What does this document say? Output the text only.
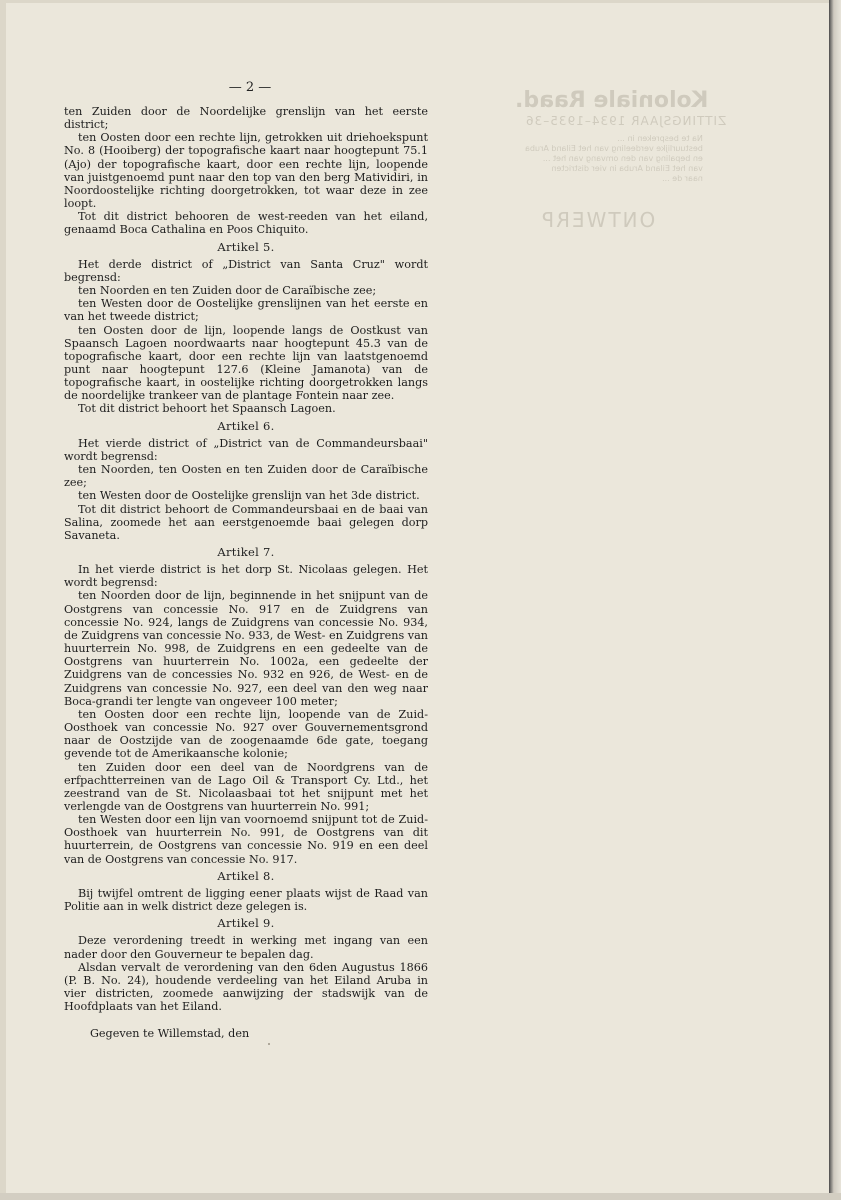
Koloniale Raad.
ZITTINGSJAAR 1934–1935–36
Na te bespreken in ...
bestuurlijke verdeeling van het Eiland Aruba
en bepaling van den omvang van het ...
van het Eiland Aruba in vier districten
naar de ...
ONTWERP
— 2 —

ten Zuiden door de Noordelijke grenslijn van het eerste district;

ten Oosten door een rechte lijn, getrokken uit driehoekspunt No. 8 (Hooiberg) der topografische kaart naar hoogtepunt 75.1 (Ajo) der topografische kaart, door een rechte lijn, loopende van juistgenoemd punt naar den top van den berg Matividiri, in Noordoostelijke richting doorgetrokken, tot waar deze in zee loopt.

Tot dit district behooren de west-reeden van het eiland, genaamd Boca Cathalina en Poos Chiquito.

Artikel 5.

Het derde district of „District van Santa Cruz" wordt begrensd:

ten Noorden en ten Zuiden door de Caraïbische zee;

ten Westen door de Oostelijke grenslijnen van het eerste en van het tweede district;

ten Oosten door de lijn, loopende langs de Oostkust van Spaansch Lagoen noordwaarts naar hoogtepunt 45.3 van de topografische kaart, door een rechte lijn van laatstgenoemd punt naar hoogtepunt 127.6 (Kleine Jamanota) van de topografische kaart, in oostelijke richting doorgetrokken langs de noordelijke trankeer van de plantage Fontein naar zee.

Tot dit district behoort het Spaansch Lagoen.

Artikel 6.

Het vierde district of „District van de Commandeursbaai" wordt begrensd:

ten Noorden, ten Oosten en ten Zuiden door de Caraïbische zee;

ten Westen door de Oostelijke grenslijn van het 3de district.

Tot dit district behoort de Commandeursbaai en de baai van Salina, zoomede het aan eerstgenoemde baai gelegen dorp Savaneta.

Artikel 7.

In het vierde district is het dorp St. Nicolaas gelegen. Het wordt begrensd:

ten Noorden door de lijn, beginnende in het snijpunt van de Oostgrens van concessie No. 917 en de Zuidgrens van concessie No. 924, langs de Zuidgrens van concessie No. 934, de Zuidgrens van concessie No. 933, de West- en Zuidgrens van huurterrein No. 998, de Zuidgrens en een gedeelte van de Oostgrens van huurterrein No. 1002a, een gedeelte der Zuidgrens van de concessies No. 932 en 926, de West- en de Zuidgrens van concessie No. 927, een deel van den weg naar Boca-grandi ter lengte van ongeveer 100 meter;

ten Oosten door een rechte lijn, loopende van de Zuid-Oosthoek van concessie No. 927 over Gouvernementsgrond naar de Oostzijde van de zoogenaamde 6de gate, toegang gevende tot de Amerikaansche kolonie;

ten Zuiden door een deel van de Noordgrens van de erfpachtterreinen van de Lago Oil & Transport Cy. Ltd., het zeestrand van de St. Nicolaasbaai tot het snijpunt met het verlengde van de Oostgrens van huurterrein No. 991;

ten Westen door een lijn van voornoemd snijpunt tot de Zuid-Oosthoek van huurterrein No. 991, de Oostgrens van dit huurterrein, de Oostgrens van concessie No. 919 en een deel van de Oostgrens van concessie No. 917.

Artikel 8.

Bij twijfel omtrent de ligging eener plaats wijst de Raad van Politie aan in welk district deze gelegen is.

Artikel 9.

Deze verordening treedt in werking met ingang van een nader door den Gouverneur te bepalen dag.

Alsdan vervalt de verordening van den 6den Augustus 1866 (P. B. No. 24), houdende verdeeling van het Eiland Aruba in vier districten, zoomede aanwijzing der stadswijk van de Hoofdplaats van het Eiland.

Gegeven te Willemstad, den
